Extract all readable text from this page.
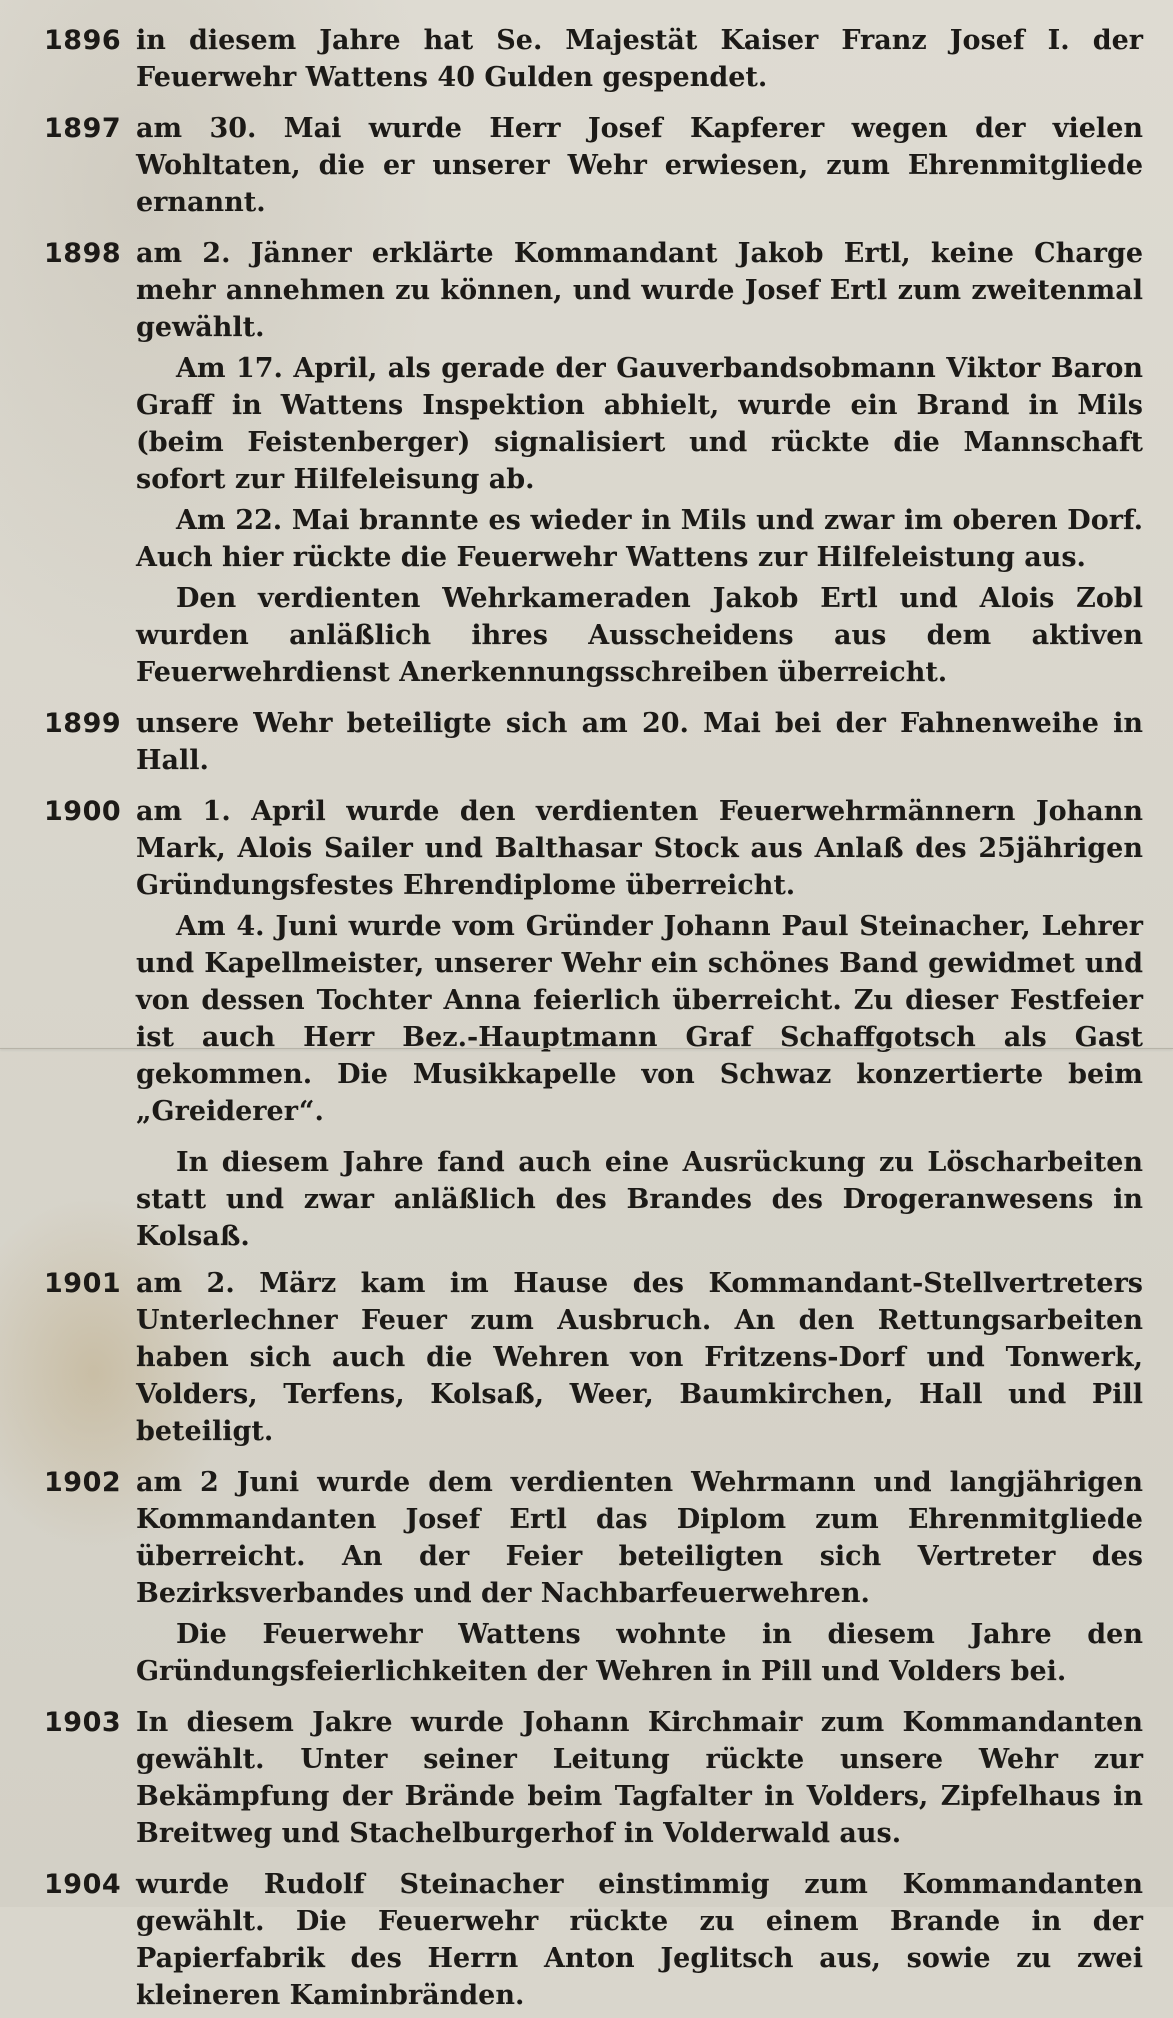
1896 in diesem Jahre hat Se. Majestät Kaiser Franz Josef I. der Feuerwehr Wattens 40 Gulden gespendet.

1897 am 30. Mai wurde Herr Josef Kapferer wegen der vielen Wohltaten, die er unserer Wehr erwiesen, zum Ehrenmitgliede ernannt.

1898 am 2. Jänner erklärte Kommandant Jakob Ertl, keine Charge mehr annehmen zu können, und wurde Josef Ertl zum zweitenmal gewählt.

Am 17. April, als gerade der Gauverbandsobmann Viktor Baron Graff in Wattens Inspektion abhielt, wurde ein Brand in Mils (beim Feistenberger) signalisiert und rückte die Mannschaft sofort zur Hilfeleisung ab.

Am 22. Mai brannte es wieder in Mils und zwar im oberen Dorf. Auch hier rückte die Feuerwehr Wattens zur Hilfeleistung aus.

Den verdienten Wehrkameraden Jakob Ertl und Alois Zobl wurden anläßlich ihres Ausscheidens aus dem aktiven Feuerwehrdienst Anerkennungsschreiben überreicht.

1899 unsere Wehr beteiligte sich am 20. Mai bei der Fahnenweihe in Hall.

1900 am 1. April wurde den verdienten Feuerwehrmännern Johann Mark, Alois Sailer und Balthasar Stock aus Anlaß des 25jährigen Gründungsfestes Ehrendiplome überreicht.

Am 4. Juni wurde vom Gründer Johann Paul Steinacher, Lehrer und Kapellmeister, unserer Wehr ein schönes Band gewidmet und von dessen Tochter Anna feierlich überreicht. Zu dieser Festfeier ist auch Herr Bez.-Hauptmann Graf Schaffgotsch als Gast gekommen. Die Musikkapelle von Schwaz konzertierte beim „Greiderer“.

In diesem Jahre fand auch eine Ausrückung zu Löscharbeiten statt und zwar anläßlich des Brandes des Drogeranwesens in Kolsaß.

1901 am 2. März kam im Hause des Kommandant-Stellvertreters Unterlechner Feuer zum Ausbruch. An den Rettungsarbeiten haben sich auch die Wehren von Fritzens-Dorf und Tonwerk, Volders, Terfens, Kolsaß, Weer, Baumkirchen, Hall und Pill beteiligt.

1902 am 2 Juni wurde dem verdienten Wehrmann und langjährigen Kommandanten Josef Ertl das Diplom zum Ehrenmitgliede überreicht. An der Feier beteiligten sich Vertreter des Bezirksverbandes und der Nachbarfeuerwehren.

Die Feuerwehr Wattens wohnte in diesem Jahre den Gründungsfeierlichkeiten der Wehren in Pill und Volders bei.

1903 In diesem Jakre wurde Johann Kirchmair zum Kommandanten gewählt. Unter seiner Leitung rückte unsere Wehr zur Bekämpfung der Brände beim Tagfalter in Volders, Zipfelhaus in Breitweg und Stachelburgerhof in Volderwald aus.

1904 wurde Rudolf Steinacher einstimmig zum Kommandanten gewählt. Die Feuerwehr rückte zu einem Brande in der Papierfabrik des Herrn Anton Jeglitsch aus, sowie zu zwei kleineren Kaminbränden.
